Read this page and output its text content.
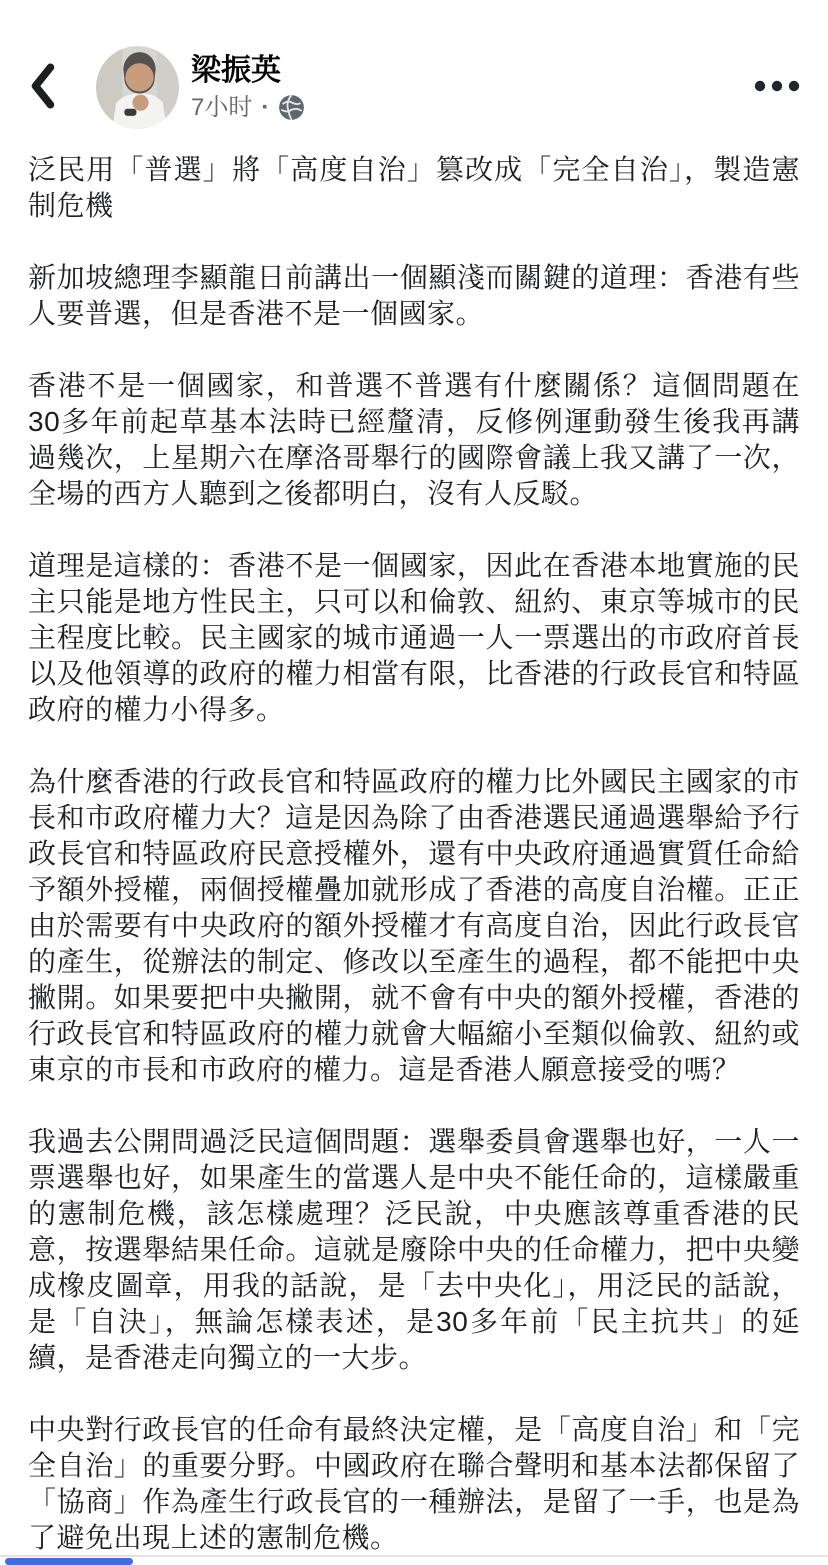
梁振英
7小时 ·

泛民用「普選」將「高度自治」篡改成「完全自治」，製造憲制危機

新加坡總理李顯龍日前講出一個顯淺而關鍵的道理：香港有些人要普選，但是香港不是一個國家。

香港不是一個國家，和普選不普選有什麼關係？這個問題在30多年前起草基本法時已經釐清，反修例運動發生後我再講過幾次，上星期六在摩洛哥舉行的國際會議上我又講了一次，全場的西方人聽到之後都明白，沒有人反駁。

道理是這樣的：香港不是一個國家，因此在香港本地實施的民主只能是地方性民主，只可以和倫敦、紐約、東京等城市的民主程度比較。民主國家的城市通過一人一票選出的市政府首長以及他領導的政府的權力相當有限，比香港的行政長官和特區政府的權力小得多。

為什麼香港的行政長官和特區政府的權力比外國民主國家的市長和市政府權力大？這是因為除了由香港選民通過選舉給予行政長官和特區政府民意授權外，還有中央政府通過實質任命給予額外授權，兩個授權疊加就形成了香港的高度自治權。正正由於需要有中央政府的額外授權才有高度自治，因此行政長官的產生，從辦法的制定、修改以至產生的過程，都不能把中央撇開。如果要把中央撇開，就不會有中央的額外授權，香港的行政長官和特區政府的權力就會大幅縮小至類似倫敦、紐約或東京的市長和市政府的權力。這是香港人願意接受的嗎？

我過去公開問過泛民這個問題：選舉委員會選舉也好，一人一票選舉也好，如果產生的當選人是中央不能任命的，這樣嚴重的憲制危機，該怎樣處理？泛民說，中央應該尊重香港的民意，按選舉結果任命。這就是廢除中央的任命權力，把中央變成橡皮圖章，用我的話說，是「去中央化」，用泛民的話說，是「自決」，無論怎樣表述，是30多年前「民主抗共」的延續，是香港走向獨立的一大步。

中央對行政長官的任命有最終決定權，是「高度自治」和「完全自治」的重要分野。中國政府在聯合聲明和基本法都保留了「協商」作為產生行政長官的一種辦法，是留了一手，也是為了避免出現上述的憲制危機。
